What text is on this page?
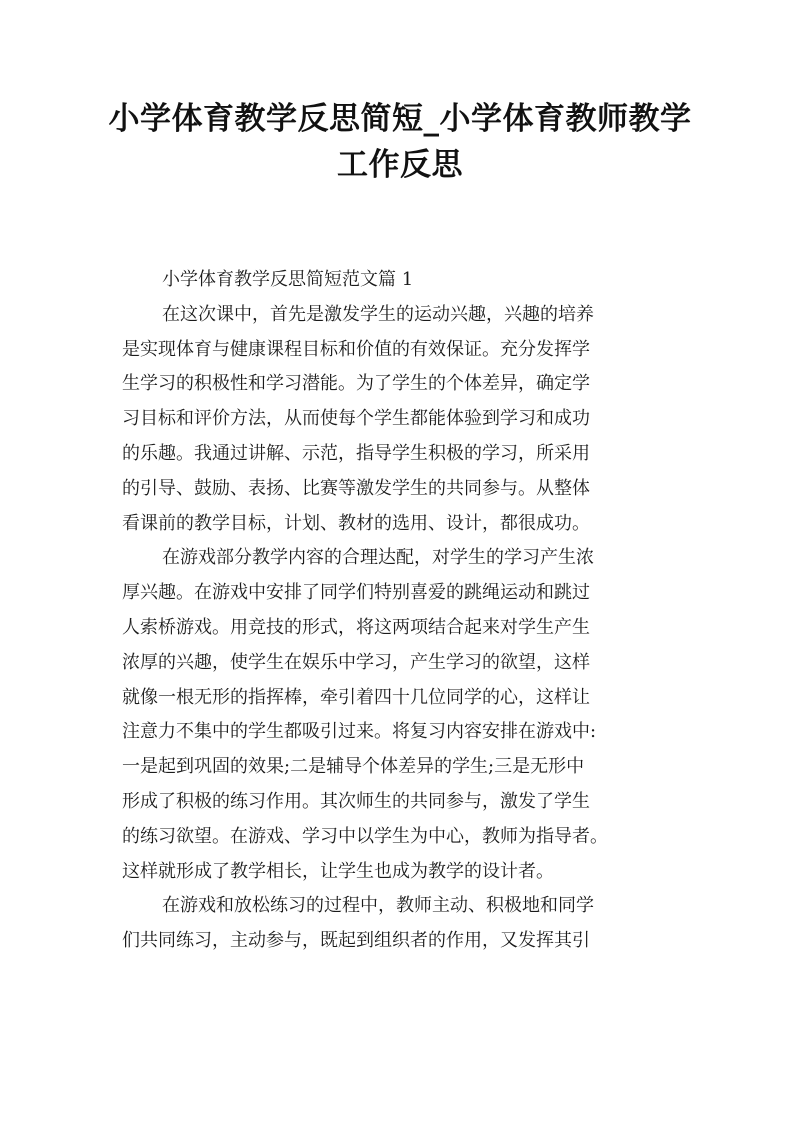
小学体育教学反思简短_小学体育教师教学
工作反思

小学体育教学反思简短范文篇 1

在这次课中，首先是激发学生的运动兴趣，兴趣的培养
是实现体育与健康课程目标和价值的有效保证。充分发挥学
生学习的积极性和学习潜能。为了学生的个体差异，确定学
习目标和评价方法，从而使每个学生都能体验到学习和成功
的乐趣。我通过讲解、示范，指导学生积极的学习，所采用
的引导、鼓励、表扬、比赛等激发学生的共同参与。从整体
看课前的教学目标，计划、教材的选用、设计，都很成功。

在游戏部分教学内容的合理达配，对学生的学习产生浓
厚兴趣。在游戏中安排了同学们特别喜爱的跳绳运动和跳过
人索桥游戏。用竞技的形式，将这两项结合起来对学生产生
浓厚的兴趣，使学生在娱乐中学习，产生学习的欲望，这样
就像一根无形的指挥棒，牵引着四十几位同学的心，这样让
注意力不集中的学生都吸引过来。将复习内容安排在游戏中:
一是起到巩固的效果;二是辅导个体差异的学生;三是无形中
形成了积极的练习作用。其次师生的共同参与，激发了学生
的练习欲望。在游戏、学习中以学生为中心，教师为指导者。
这样就形成了教学相长，让学生也成为教学的设计者。

在游戏和放松练习的过程中，教师主动、积极地和同学
们共同练习，主动参与，既起到组织者的作用，又发挥其引
